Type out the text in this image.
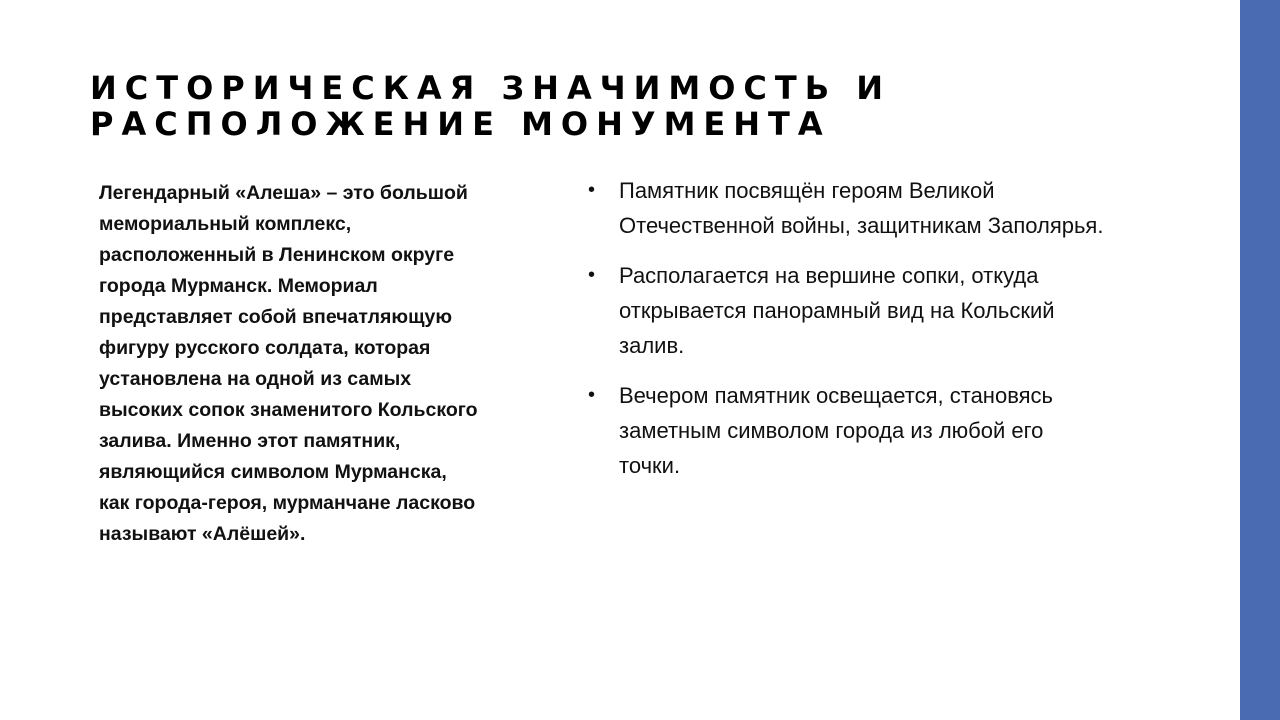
ИСТОРИЧЕСКАЯ ЗНАЧИМОСТЬ И
РАСПОЛОЖЕНИЕ МОНУМЕНТА

Легендарный «Алеша» – это большой
мемориальный комплекс,
расположенный в Ленинском округе
города Мурманск. Мемориал
представляет собой впечатляющую
фигуру русского солдата, которая
установлена на одной из самых
высоких сопок знаменитого Кольского
залива. Именно этот памятник,
являющийся символом Мурманска,
как города-героя, мурманчане ласково
называют «Алёшей».

• Памятник посвящён героям Великой
Отечественной войны, защитникам Заполярья.
• Располагается на вершине сопки, откуда
открывается панорамный вид на Кольский
залив.
• Вечером памятник освещается, становясь
заметным символом города из любой его
точки.
